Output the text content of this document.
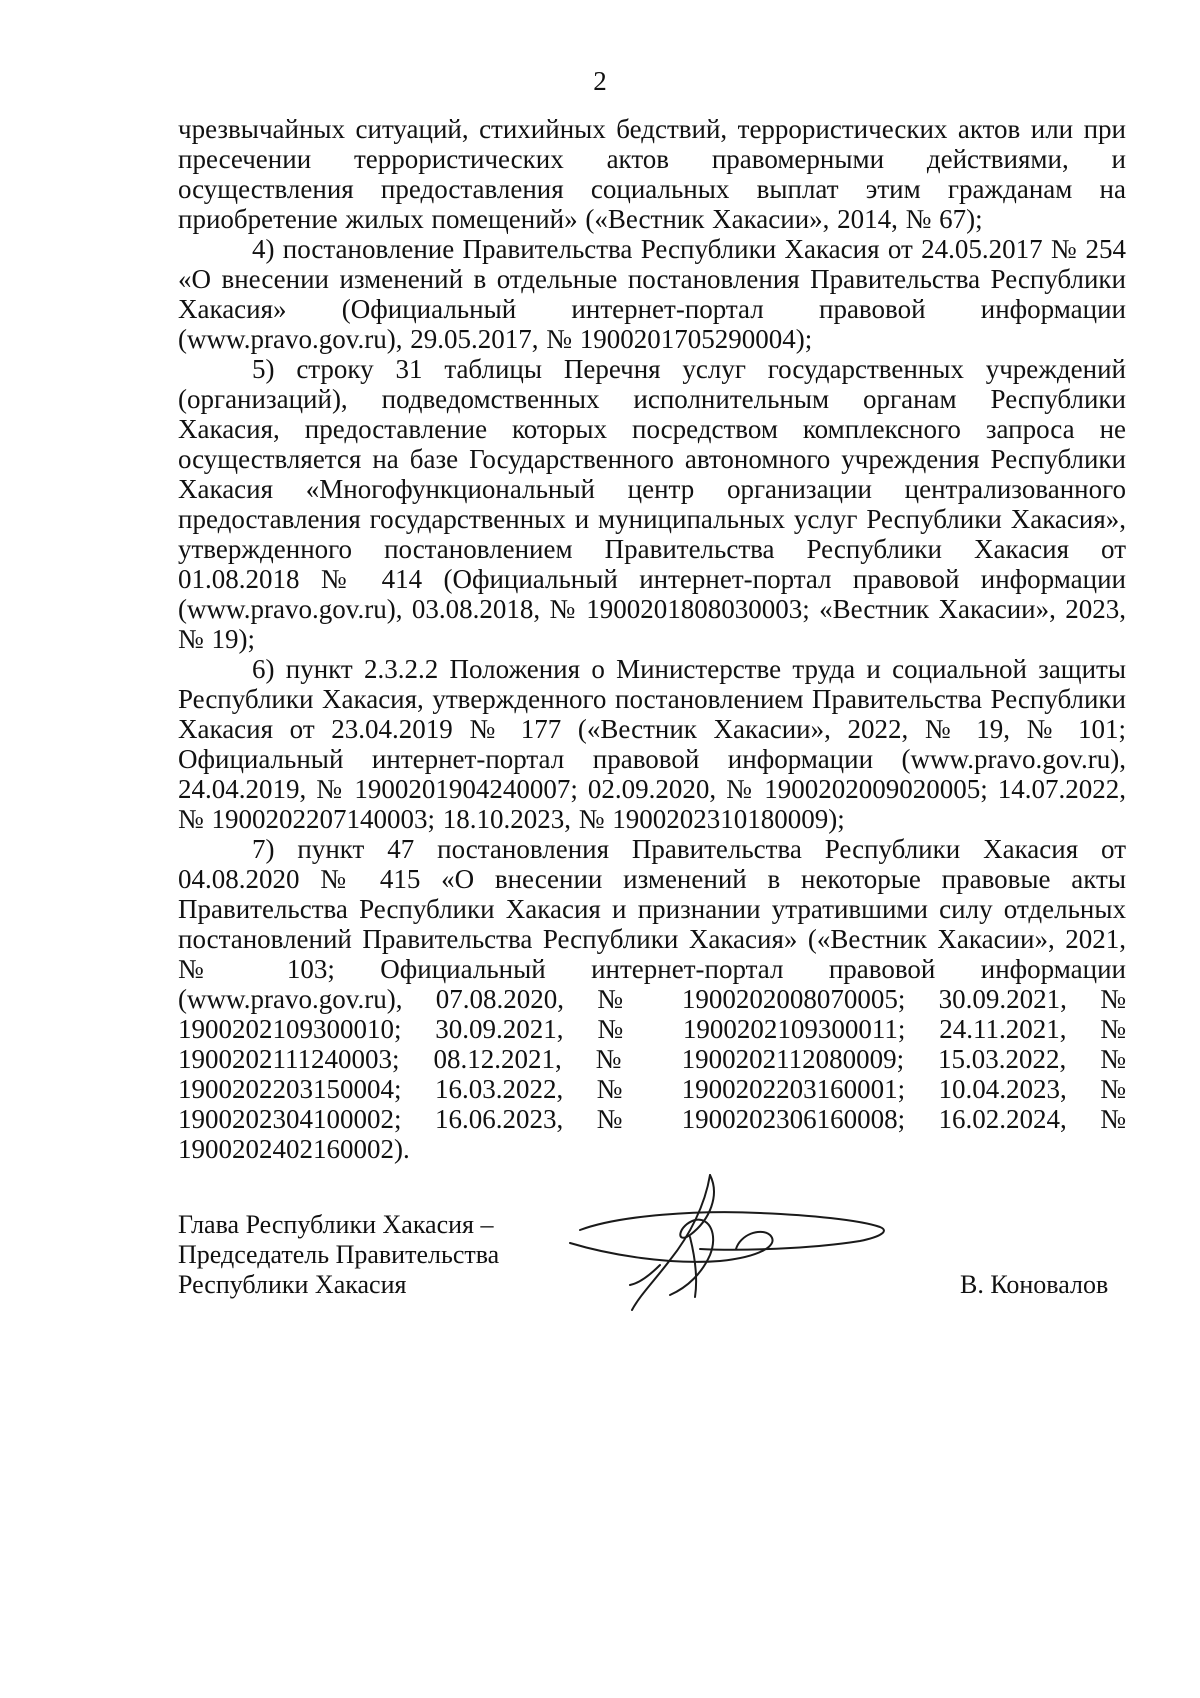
2

чрезвычайных ситуаций, стихийных бедствий, террористических актов или при пресечении террористических актов правомерными действиями, и осуществления предоставления социальных выплат этим гражданам на приобретение жилых помещений» («Вестник Хакасии», 2014, № 67);

4) постановление Правительства Республики Хакасия от 24.05.2017 № 254 «О внесении изменений в отдельные постановления Правительства Республики Хакасия» (Официальный интернет-портал правовой информации (www.pravo.gov.ru), 29.05.2017, № 1900201705290004);

5) строку 31 таблицы Перечня услуг государственных учреждений (организаций), подведомственных исполнительным органам Республики Хакасия, предоставление которых посредством комплексного запроса не осуществляется на базе Государственного автономного учреждения Республики Хакасия «Многофункциональный центр организации централизованного предоставления государственных и муниципальных услуг Республики Хакасия», утвержденного постановлением Правительства Республики Хакасия от 01.08.2018 № 414 (Официальный интернет-портал правовой информации (www.pravo.gov.ru), 03.08.2018, № 1900201808030003; «Вестник Хакасии», 2023, № 19);

6) пункт 2.3.2.2 Положения о Министерстве труда и социальной защиты Республики Хакасия, утвержденного постановлением Правительства Республики Хакасия от 23.04.2019 № 177 («Вестник Хакасии», 2022, № 19, № 101; Официальный интернет-портал правовой информации (www.pravo.gov.ru), 24.04.2019, № 1900201904240007; 02.09.2020, № 1900202009020005; 14.07.2022, № 1900202207140003; 18.10.2023, № 1900202310180009);

7) пункт 47 постановления Правительства Республики Хакасия от 04.08.2020 № 415 «О внесении изменений в некоторые правовые акты Правительства Республики Хакасия и признании утратившими силу отдельных постановлений Правительства Республики Хакасия» («Вестник Хакасии», 2021, № 103; Официальный интернет-портал правовой информации (www.pravo.gov.ru), 07.08.2020, № 1900202008070005; 30.09.2021, № 1900202109300010; 30.09.2021, № 1900202109300011; 24.11.2021, № 1900202111240003; 08.12.2021, № 1900202112080009; 15.03.2022, № 1900202203150004; 16.03.2022, № 1900202203160001; 10.04.2023, № 1900202304100002; 16.06.2023, № 1900202306160008; 16.02.2024, № 1900202402160002).

Глава Республики Хакасия –
Председатель Правительства
Республики Хакасия	В. Коновалов
